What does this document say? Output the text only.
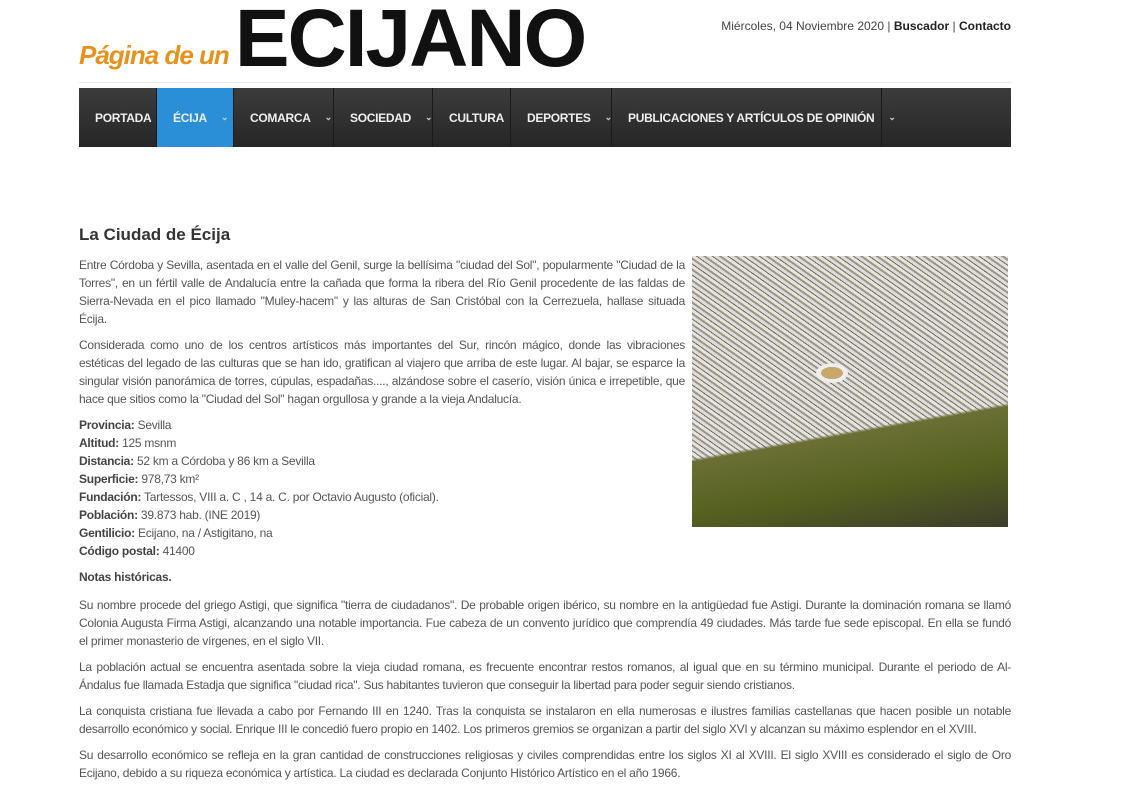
Página de un ECIJANO	Miércoles, 04 Noviembre 2020 | Buscador | Contacto
PORTADA ÉCIJA ⌄ COMARCA ⌄ SOCIEDAD ⌄ CULTURA DEPORTES ⌄ PUBLICACIONES Y ARTÍCULOS DE OPINIÓN ⌄
La Ciudad de Écija

Entre Córdoba y Sevilla, asentada en el valle del Genil, surge la bellísima "ciudad del Sol", popularmente "Ciudad de la Torres", en un fértil valle de Andalucía entre la cañada que forma la ribera del Río Genil procedente de las faldas de Sierra-Nevada en el pico llamado "Muley-hacem" y las alturas de San Cristóbal con la Cerrezuela, hallase situada Écija.

Considerada como uno de los centros artísticos más importantes del Sur, rincón mágico, donde las vibraciones estéticas del legado de las culturas que se han ido, gratifican al viajero que arriba de este lugar. Al bajar, se esparce la singular visión panorámica de torres, cúpulas, espadañas...., alzándose sobre el caserío, visión única e irrepetible, que hace que sitios como la "Ciudad del Sol" hagan orgullosa y grande a la vieja Andalucía.

Provincia: Sevilla
Altitud: 125 msnm
Distancia: 52 km a Córdoba y 86 km a Sevilla
Superficie: 978,73 km²
Fundación: Tartessos, VIII a. C , 14 a. C. por Octavio Augusto (oficial).
Población: 39.873 hab. (INE 2019)
Gentilicio: Ecijano, na / Astigitano, na
Código postal: 41400
Notas históricas.

Su nombre procede del griego Astigi, que significa "tierra de ciudadanos". De probable origen ibérico, su nombre en la antigüedad fue Astigi. Durante la dominación romana se llamó Colonia Augusta Firma Astigi, alcanzando una notable importancia. Fue cabeza de un convento jurídico que comprendía 49 ciudades. Más tarde fue sede episcopal. En ella se fundó el primer monasterio de vírgenes, en el siglo VII.

La población actual se encuentra asentada sobre la vieja ciudad romana, es frecuente encontrar restos romanos, al igual que en su término municipal. Durante el periodo de Al-Ándalus fue llamada Estadja que significa "ciudad rica". Sus habitantes tuvieron que conseguir la libertad para poder seguir siendo cristianos.

La conquista cristiana fue llevada a cabo por Fernando III en 1240. Tras la conquista se instalaron en ella numerosas e ilustres familias castellanas que hacen posible un notable desarrollo económico y social. Enrique III le concedió fuero propio en 1402. Los primeros gremios se organizan a partir del siglo XVI y alcanzan su máximo esplendor en el XVIII.

Su desarrollo económico se refleja en la gran cantidad de construcciones religiosas y civiles comprendidas entre los siglos XI al XVIII. El siglo XVIII es considerado el siglo de Oro Ecijano, debido a su riqueza económica y artística. La ciudad es declarada Conjunto Histórico Artístico en el año 1966.
